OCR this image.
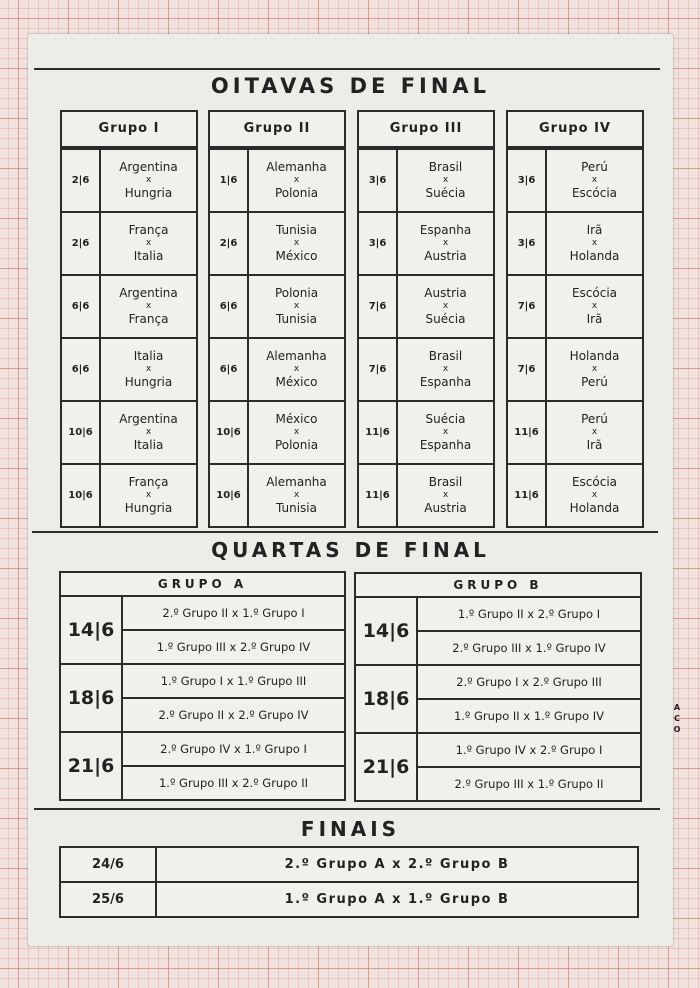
OITAVAS DE FINAL
Grupo I
2|6
Argentina
x
Hungria
2|6
França
x
Italia
6|6
Argentina
x
França
6|6
Italia
x
Hungria
10|6
Argentina
x
Italia
10|6
França
x
Hungria
Grupo II
1|6
Alemanha
x
Polonia
2|6
Tunisia
x
México
6|6
Polonia
x
Tunisia
6|6
Alemanha
x
México
10|6
México
x
Polonia
10|6
Alemanha
x
Tunisia
Grupo III
3|6
Brasil
x
Suécia
3|6
Espanha
x
Austria
7|6
Austria
x
Suécia
7|6
Brasil
x
Espanha
11|6
Suécia
x
Espanha
11|6
Brasil
x
Austria
Grupo IV
3|6
Perú
x
Escócia
3|6
Irã
x
Holanda
7|6
Escócia
x
Irã
7|6
Holanda
x
Perú
11|6
Perú
x
Irã
11|6
Escócia
x
Holanda
QUARTAS DE FINAL
GRUPO A
14|6
2.º Grupo II x 1.º Grupo I
1.º Grupo III x 2.º Grupo IV
18|6
1.º Grupo I x 1.º Grupo III
2.º Grupo II x 2.º Grupo IV
21|6
2.º Grupo IV x 1.º Grupo I
1.º Grupo III x 2.º Grupo II
GRUPO B
14|6
1.º Grupo II x 2.º Grupo I
2.º Grupo III x 1.º Grupo IV
18|6
2.º Grupo I x 2.º Grupo III
1.º Grupo II x 1.º Grupo IV
21|6
1.º Grupo IV x 2.º Grupo I
2.º Grupo III x 1.º Grupo II
FINAIS
24/6	2.º Grupo A x 2.º Grupo B
25/6	1.º Grupo A x 1.º Grupo B
A
C
O
